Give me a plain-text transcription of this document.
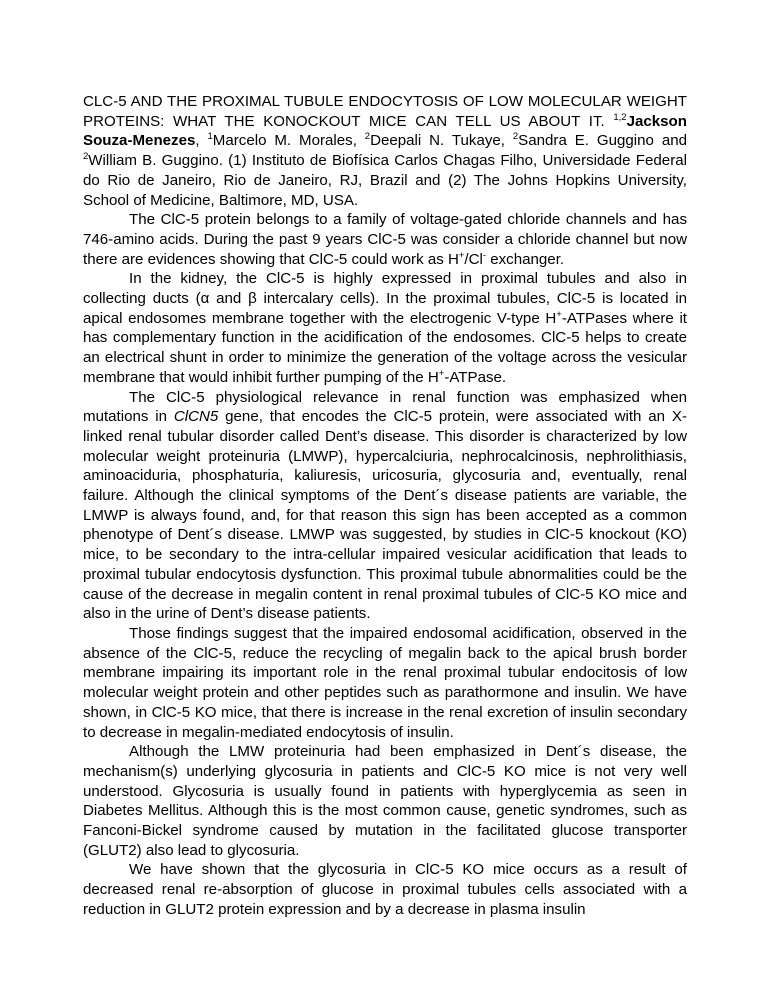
CLC-5 AND THE PROXIMAL TUBULE ENDOCYTOSIS OF LOW MOLECULAR WEIGHT PROTEINS: WHAT THE KONOCKOUT MICE CAN TELL US ABOUT IT. $^{1,2}$Jackson Souza-Menezes, $^1$Marcelo M. Morales, $^2$Deepali N. Tukaye, $^2$Sandra E. Guggino and $^2$William B. Guggino. (1) Instituto de Biofísica Carlos Chagas Filho, Universidade Federal do Rio de Janeiro, Rio de Janeiro, RJ, Brazil and (2) The Johns Hopkins University, School of Medicine, Baltimore, MD, USA.

The ClC-5 protein belongs to a family of voltage-gated chloride channels and has 746-amino acids. During the past 9 years ClC-5 was consider a chloride channel but now there are evidences showing that ClC-5 could work as H+/Cl- exchanger.

In the kidney, the ClC-5 is highly expressed in proximal tubules and also in collecting ducts (α and β intercalary cells). In the proximal tubules, ClC-5 is located in apical endosomes membrane together with the electrogenic V-type H+-ATPases where it has complementary function in the acidification of the endosomes. ClC-5 helps to create an electrical shunt in order to minimize the generation of the voltage across the vesicular membrane that would inhibit further pumping of the H+-ATPase.

The ClC-5 physiological relevance in renal function was emphasized when mutations in ClCN5 gene, that encodes the ClC-5 protein, were associated with an X-linked renal tubular disorder called Dent’s disease. This disorder is characterized by low molecular weight proteinuria (LMWP), hypercalciuria, nephrocalcinosis, nephrolithiasis, aminoaciduria, phosphaturia, kaliuresis, uricosuria, glycosuria and, eventually, renal failure. Although the clinical symptoms of the Dent´s disease patients are variable, the LMWP is always found, and, for that reason this sign has been accepted as a common phenotype of Dent´s disease. LMWP was suggested, by studies in ClC-5 knockout (KO) mice, to be secondary to the intra-cellular impaired vesicular acidification that leads to proximal tubular endocytosis dysfunction. This proximal tubule abnormalities could be the cause of the decrease in megalin content in renal proximal tubules of ClC-5 KO mice and also in the urine of Dent’s disease patients.

Those findings suggest that the impaired endosomal acidification, observed in the absence of the ClC-5, reduce the recycling of megalin back to the apical brush border membrane impairing its important role in the renal proximal tubular endocitosis of low molecular weight protein and other peptides such as parathormone and insulin. We have shown, in ClC-5 KO mice, that there is increase in the renal excretion of insulin secondary to decrease in megalin-mediated endocytosis of insulin.

Although the LMW proteinuria had been emphasized in Dent´s disease, the mechanism(s) underlying glycosuria in patients and ClC-5 KO mice is not very well understood. Glycosuria is usually found in patients with hyperglycemia as seen in Diabetes Mellitus. Although this is the most common cause, genetic syndromes, such as Fanconi-Bickel syndrome caused by mutation in the facilitated glucose transporter (GLUT2) also lead to glycosuria.

We have shown that the glycosuria in ClC-5 KO mice occurs as a result of decreased renal re-absorption of glucose in proximal tubules cells associated with a reduction in GLUT2 protein expression and by a decrease in plasma insulin
